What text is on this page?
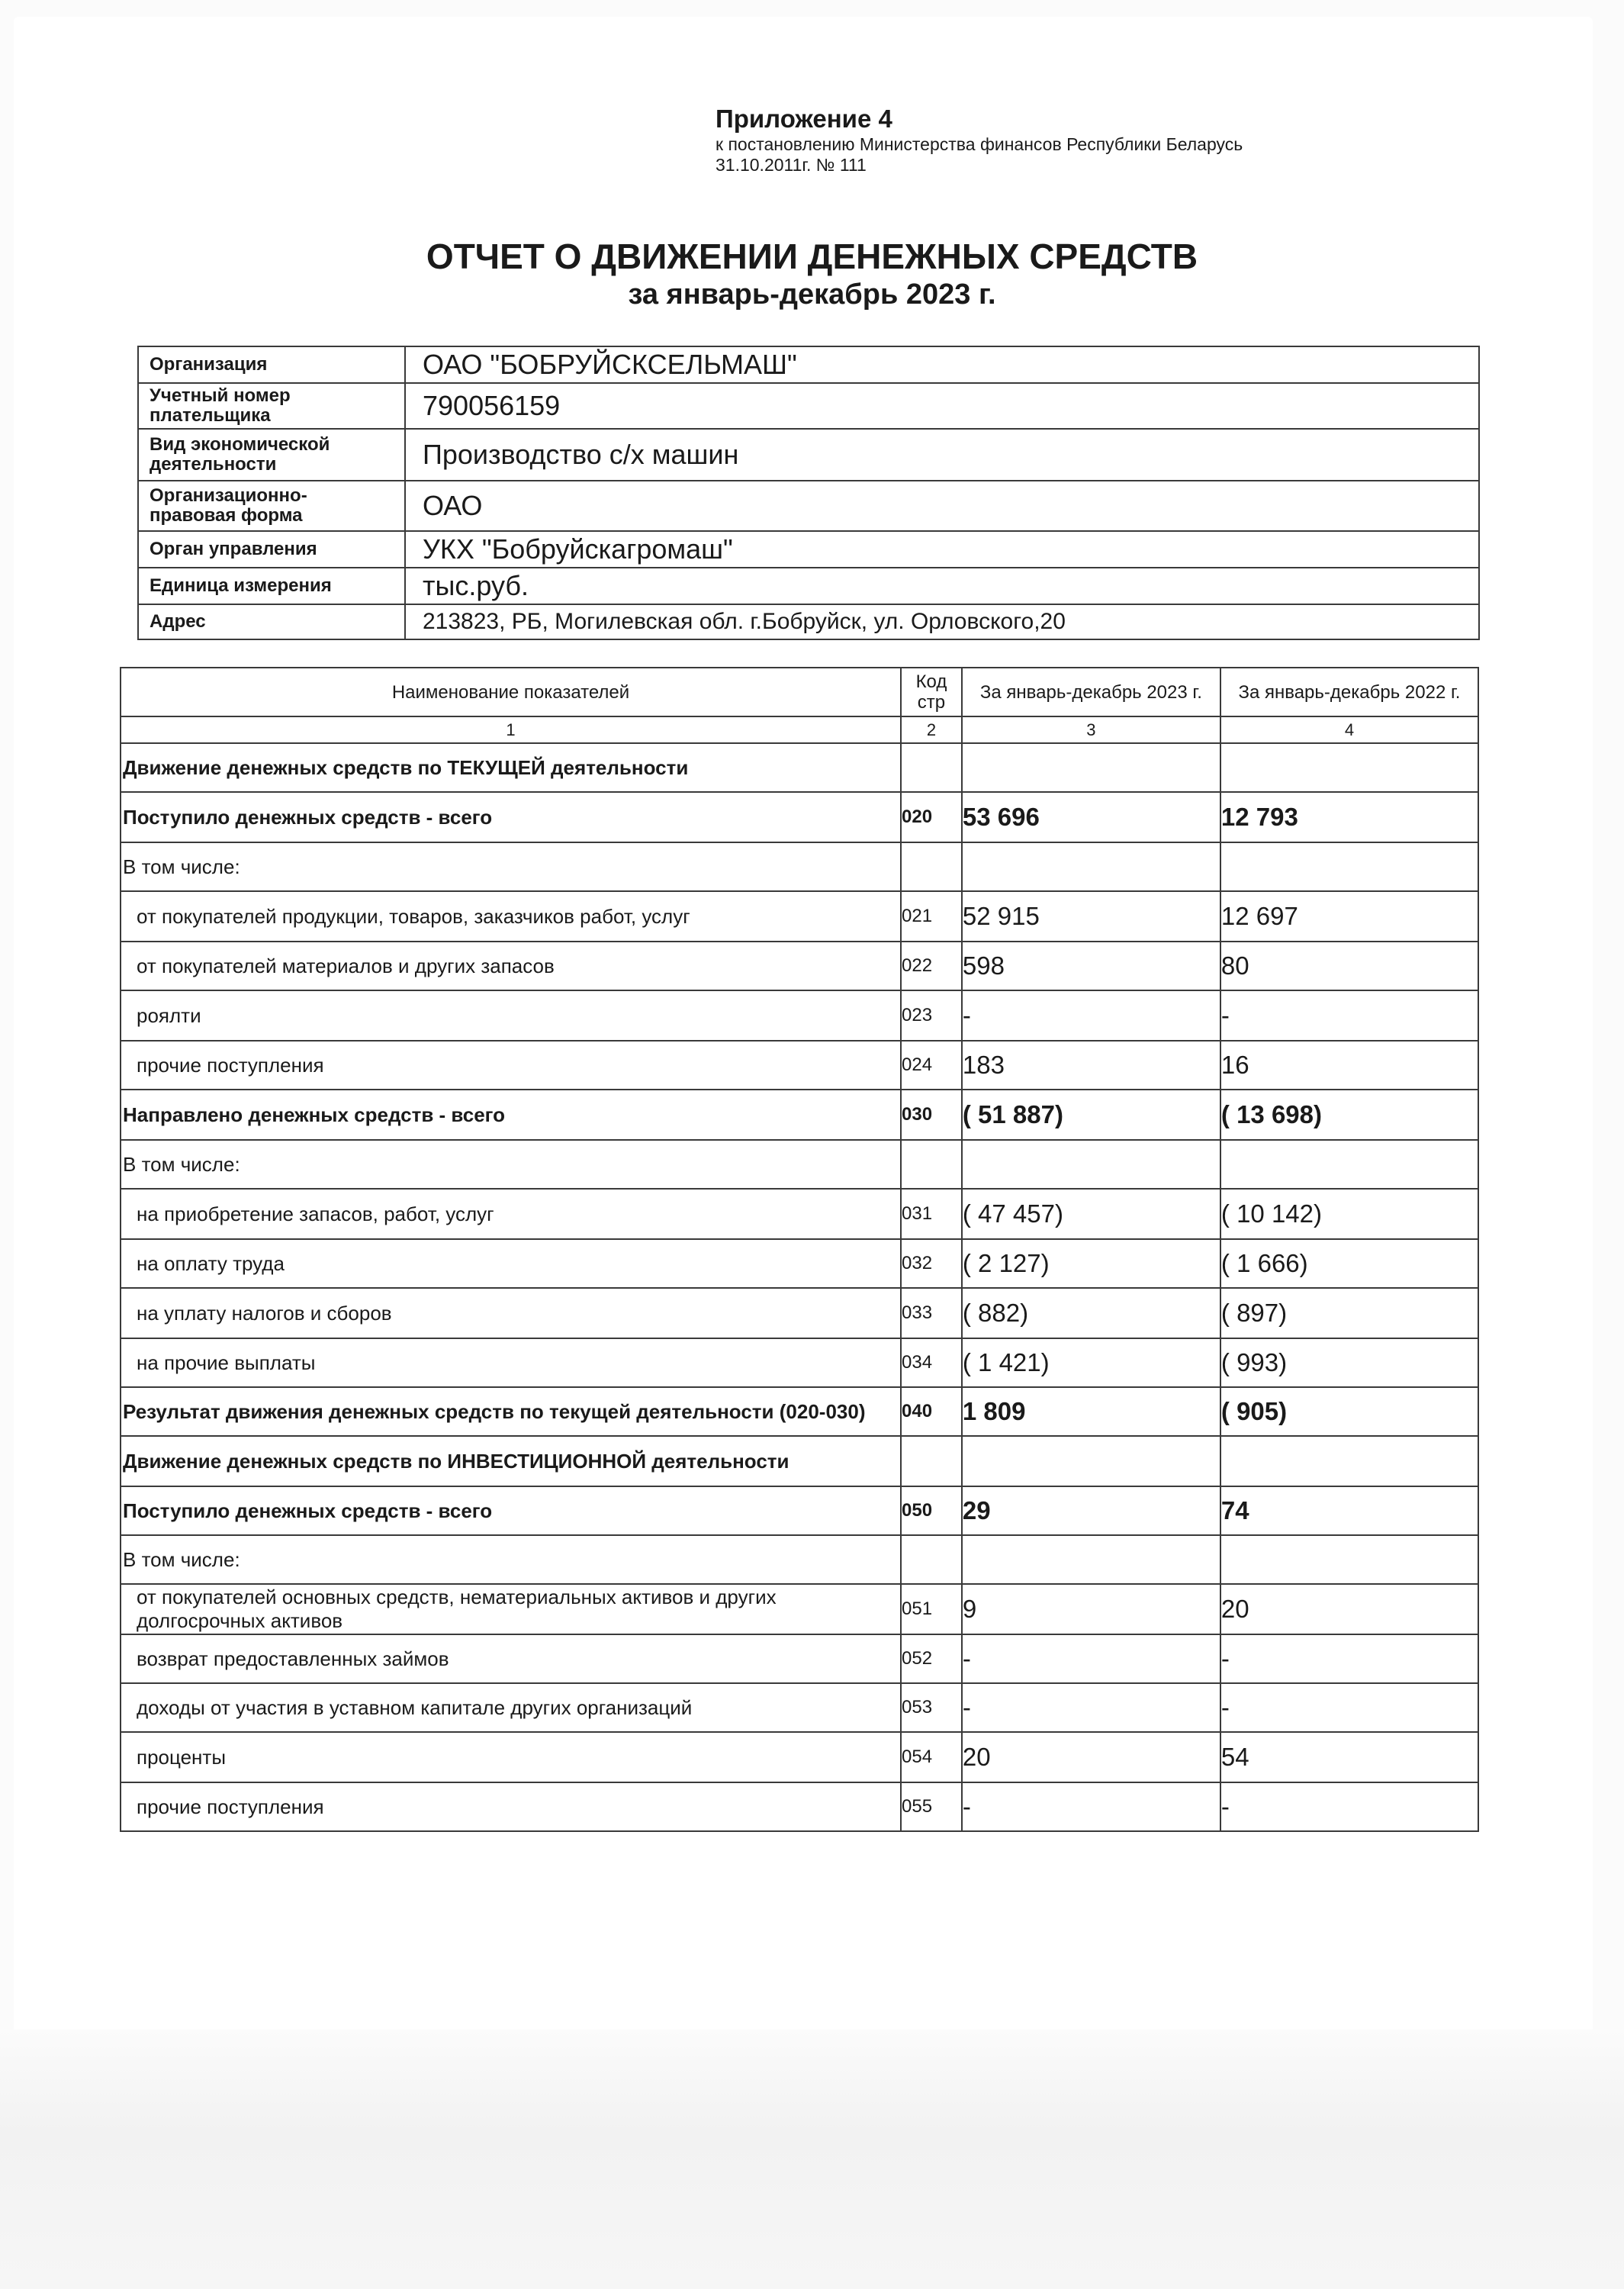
Приложение 4
к постановлению Министерства финансов Республики Беларусь
31.10.2011г. № 111
ОТЧЕТ О ДВИЖЕНИИ ДЕНЕЖНЫХ СРЕДСТВ
за январь-декабрь 2023 г.
Организация	ОАО "БОБРУЙСКСЕЛЬМАШ"
Учетный номер плательщика	790056159
Вид экономической деятельности	Производство с/х машин
Организационно-правовая форма	ОАО
Орган управления	УКХ "Бобруйскагромаш"
Единица измерения	тыс.руб.
Адрес	213823, РБ, Могилевская обл. г.Бобруйск, ул. Орловского,20
Наименование показателей	Код стр	За январь-декабрь 2023 г.	За январь-декабрь 2022 г.
1	2	3	4
Движение денежных средств по ТЕКУЩЕЙ деятельности			
Поступило денежных средств - всего	020	53 696	12 793
В том числе:			
от покупателей продукции, товаров, заказчиков работ, услуг	021	52 915	12 697
от покупателей материалов и других запасов	022	598	80
роялти	023	-	-
прочие поступления	024	183	16
Направлено денежных средств - всего	030	( 51 887)	( 13 698)
В том числе:			
на приобретение запасов, работ, услуг	031	( 47 457)	( 10 142)
на оплату труда	032	( 2 127)	( 1 666)
на уплату налогов и сборов	033	( 882)	( 897)
на прочие выплаты	034	( 1 421)	( 993)
Результат движения денежных средств по текущей деятельности (020-030)	040	1 809	( 905)
Движение денежных средств по ИНВЕСТИЦИОННОЙ деятельности			
Поступило денежных средств - всего	050	29	74
В том числе:			
от покупателей основных средств, нематериальных активов и других долгосрочных активов	051	9	20
возврат предоставленных займов	052	-	-
доходы от участия в уставном капитале других организаций	053	-	-
проценты	054	20	54
прочие поступления	055	-	-
